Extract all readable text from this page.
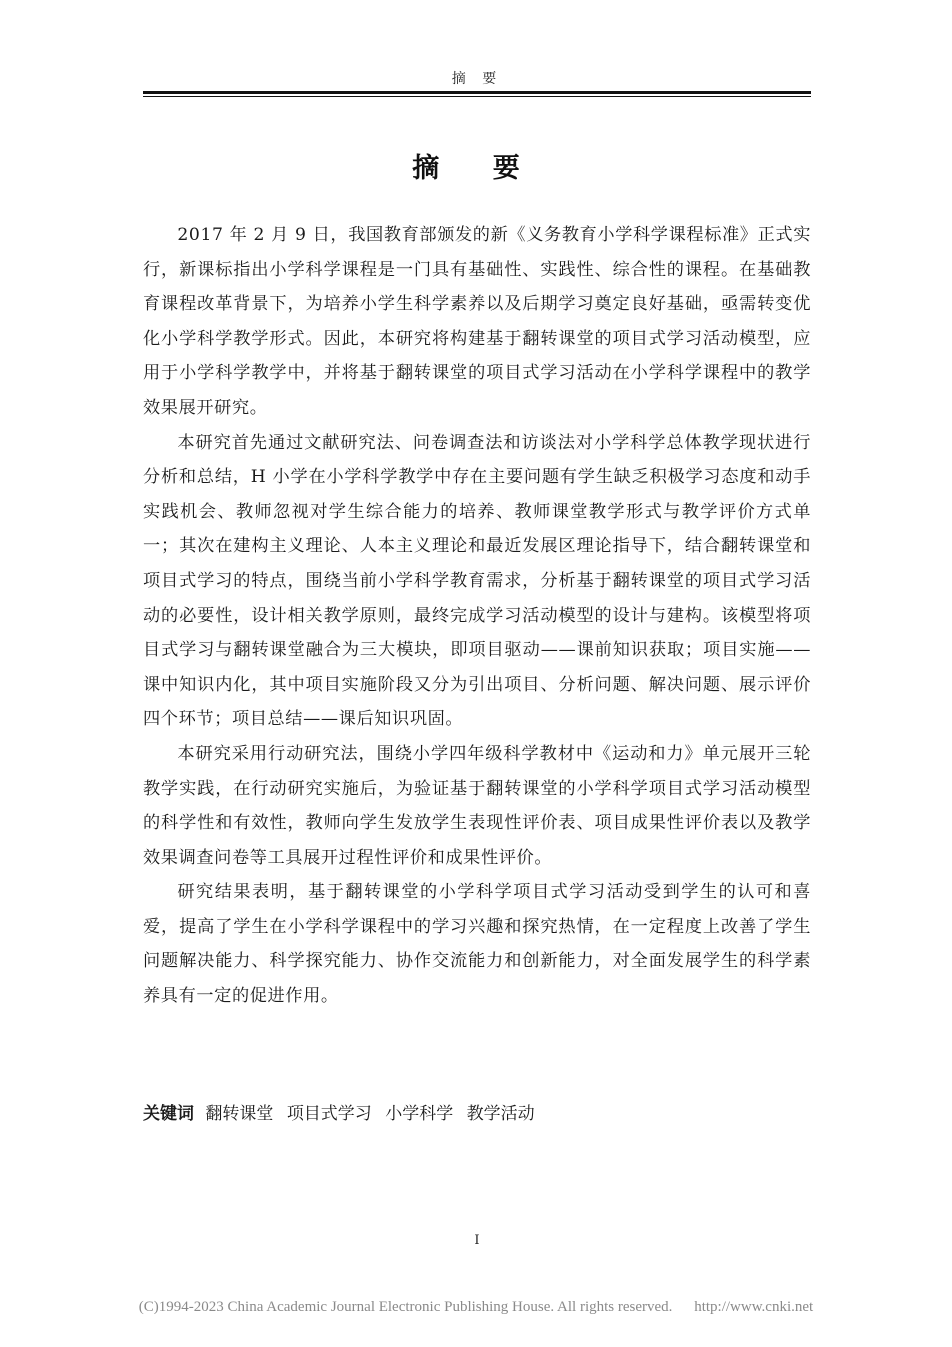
摘 要
摘 要

2017 年 2 月 9 日，我国教育部颁发的新《义务教育小学科学课程标准》正式实行，新课标指出小学科学课程是一门具有基础性、实践性、综合性的课程。在基础教育课程改革背景下，为培养小学生科学素养以及后期学习奠定良好基础，亟需转变优化小学科学教学形式。因此，本研究将构建基于翻转课堂的项目式学习活动模型，应用于小学科学教学中，并将基于翻转课堂的项目式学习活动在小学科学课程中的教学效果展开研究。

本研究首先通过文献研究法、问卷调查法和访谈法对小学科学总体教学现状进行分析和总结，H 小学在小学科学教学中存在主要问题有学生缺乏积极学习态度和动手实践机会、教师忽视对学生综合能力的培养、教师课堂教学形式与教学评价方式单一；其次在建构主义理论、人本主义理论和最近发展区理论指导下，结合翻转课堂和项目式学习的特点，围绕当前小学科学教育需求，分析基于翻转课堂的项目式学习活动的必要性，设计相关教学原则，最终完成学习活动模型的设计与建构。该模型将项目式学习与翻转课堂融合为三大模块，即项目驱动——课前知识获取；项目实施——课中知识内化，其中项目实施阶段又分为引出项目、分析问题、解决问题、展示评价四个环节；项目总结——课后知识巩固。

本研究采用行动研究法，围绕小学四年级科学教材中《运动和力》单元展开三轮教学实践，在行动研究实施后，为验证基于翻转课堂的小学科学项目式学习活动模型的科学性和有效性，教师向学生发放学生表现性评价表、项目成果性评价表以及教学效果调查问卷等工具展开过程性评价和成果性评价。

研究结果表明，基于翻转课堂的小学科学项目式学习活动受到学生的认可和喜爱，提高了学生在小学科学课程中的学习兴趣和探究热情，在一定程度上改善了学生问题解决能力、科学探究能力、协作交流能力和创新能力，对全面发展学生的科学素养具有一定的促进作用。

关键词 翻转课堂 项目式学习 小学科学 教学活动
I
(C)1994-2023 China Academic Journal Electronic Publishing House. All rights reserved. http://www.cnki.net
